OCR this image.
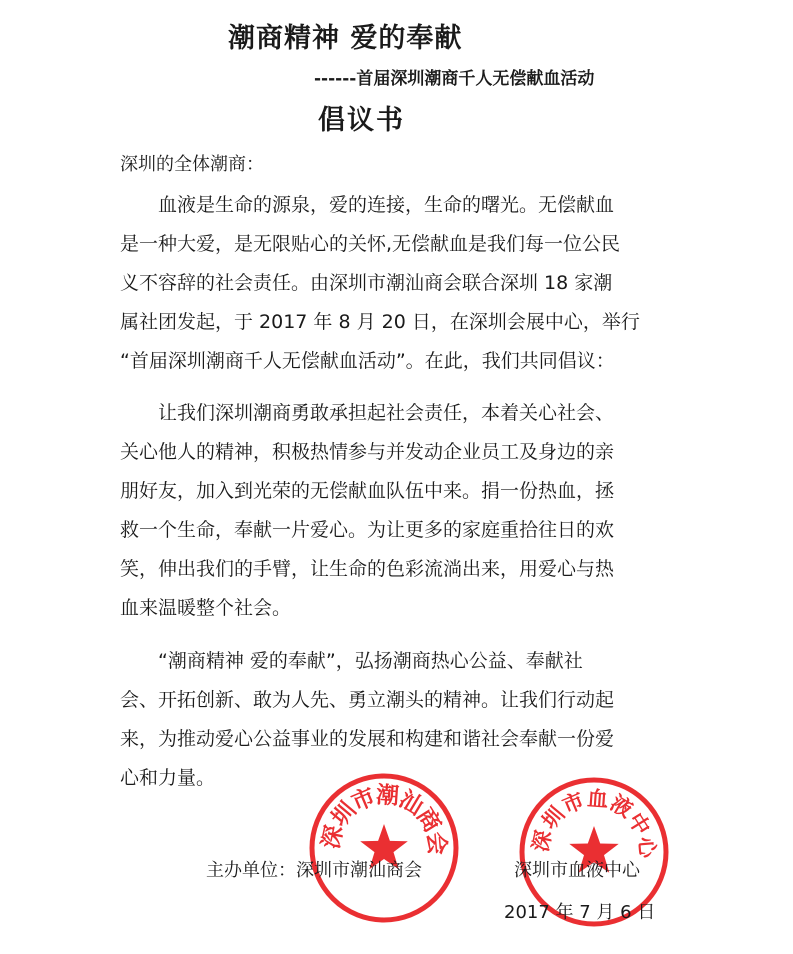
潮商精神 爱的奉献
------首届深圳潮商千人无偿献血活动
倡议书
深圳的全体潮商：
　　血液是生命的源泉，爱的连接，生命的曙光。无偿献血
是一种大爱，是无限贴心的关怀,无偿献血是我们每一位公民
义不容辞的社会责任。由深圳市潮汕商会联合深圳 18 家潮
属社团发起，于 2017 年 8 月 20 日，在深圳会展中心，举行
“首届深圳潮商千人无偿献血活动”。在此，我们共同倡议：
　　让我们深圳潮商勇敢承担起社会责任，本着关心社会、
关心他人的精神，积极热情参与并发动企业员工及身边的亲
朋好友，加入到光荣的无偿献血队伍中来。捐一份热血，拯
救一个生命，奉献一片爱心。为让更多的家庭重拾往日的欢
笑，伸出我们的手臂，让生命的色彩流淌出来，用爱心与热
血来温暖整个社会。
　　“潮商精神 爱的奉献”，弘扬潮商热心公益、奉献社
会、开拓创新、敢为人先、勇立潮头的精神。让我们行动起
来，为推动爱心公益事业的发展和构建和谐社会奉献一份爱
心和力量。
深
圳
市
潮
汕
商
会	深
圳
市
血
液
中
心
主办单位：深圳市潮汕商会	深圳市血液中心
2017 年 7 月 6 日
